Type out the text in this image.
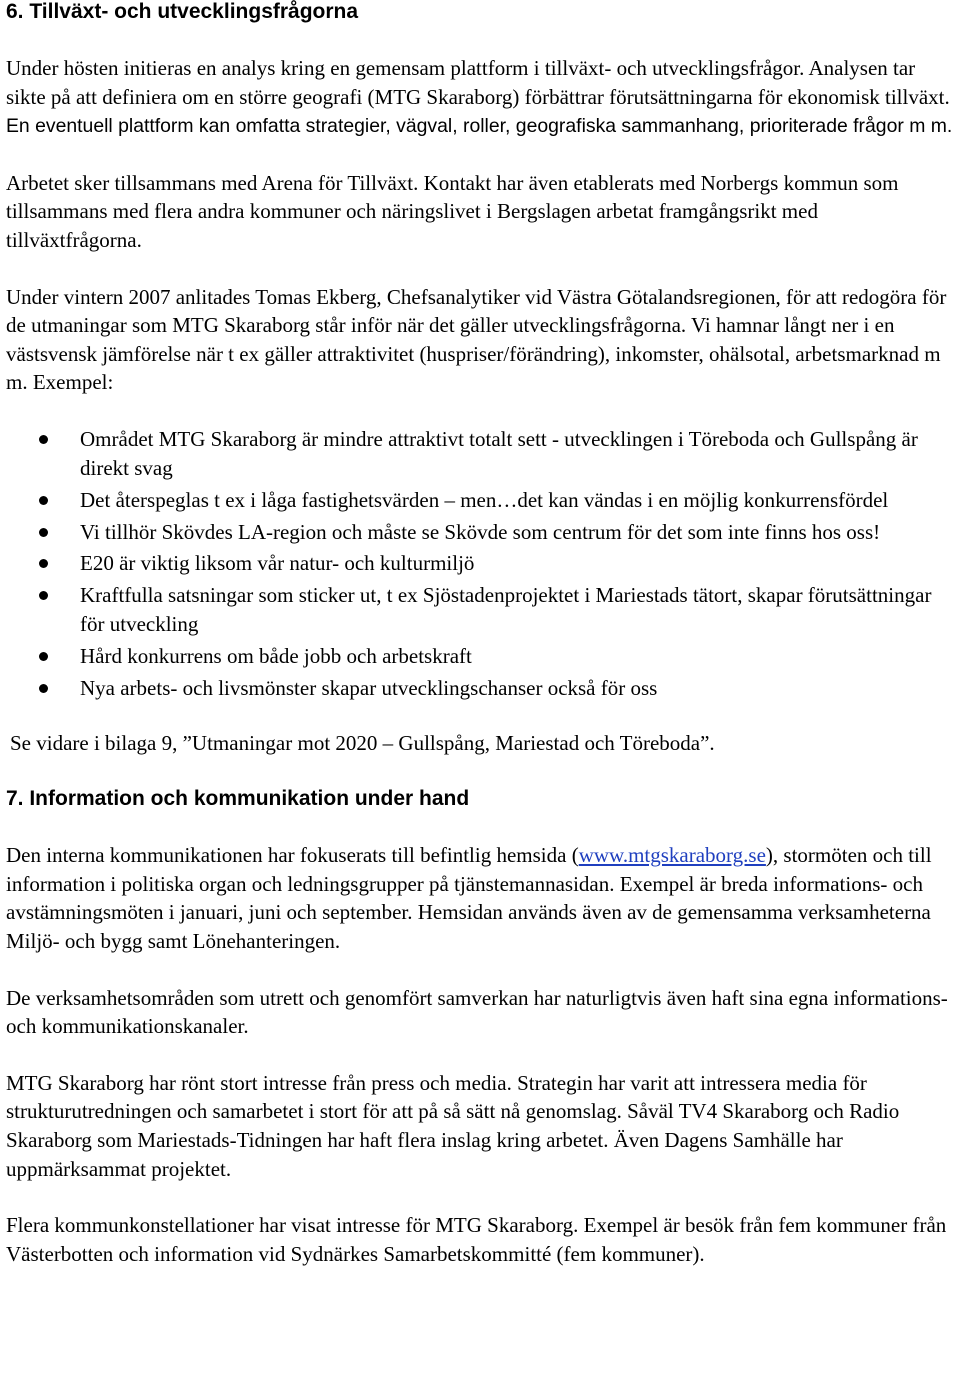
6. Tillväxt- och utvecklingsfrågorna

Under hösten initieras en analys kring en gemensam plattform i tillväxt- och utvecklingsfrågor. Analysen tar sikte på att definiera om en större geografi (MTG Skaraborg) förbättrar förutsättningarna för ekonomisk tillväxt. En eventuell plattform kan omfatta strategier, vägval, roller, geografiska sammanhang, prioriterade frågor m m.

Arbetet sker tillsammans med Arena för Tillväxt. Kontakt har även etablerats med Norbergs kommun som tillsammans med flera andra kommuner och näringslivet i Bergslagen arbetat framgångsrikt med tillväxtfrågorna.

Under vintern 2007 anlitades Tomas Ekberg, Chefsanalytiker vid Västra Götalandsregionen, för att redogöra för de utmaningar som MTG Skaraborg står inför när det gäller utvecklingsfrågorna. Vi hamnar långt ner i en västsvensk jämförelse när t ex gäller attraktivitet (huspriser/förändring), inkomster, ohälsotal, arbetsmarknad m m. Exempel:

Området MTG Skaraborg är mindre attraktivt totalt sett - utvecklingen i Töreboda och Gullspång är direkt svag
Det återspeglas t ex i låga fastighetsvärden – men…det kan vändas i en möjlig konkurrensfördel
Vi tillhör Skövdes LA-region och måste se Skövde som centrum för det som inte finns hos oss!
E20 är viktig liksom vår natur- och kulturmiljö
Kraftfulla satsningar som sticker ut, t ex Sjöstadenprojektet i Mariestads tätort, skapar förutsättningar för utveckling
Hård konkurrens om både jobb och arbetskraft
Nya arbets- och livsmönster skapar utvecklingschanser också för oss

Se vidare i bilaga 9, ”Utmaningar mot 2020 – Gullspång, Mariestad och Töreboda”.

7. Information och kommunikation under hand

Den interna kommunikationen har fokuserats till befintlig hemsida (www.mtgskaraborg.se), stormöten och till information i politiska organ och ledningsgrupper på tjänstemannasidan. Exempel är breda informations- och avstämningsmöten i januari, juni och september. Hemsidan används även av de gemensamma verksamheterna Miljö- och bygg samt Lönehanteringen.

De verksamhetsområden som utrett och genomfört samverkan har naturligtvis även haft sina egna informations- och kommunikationskanaler.

MTG Skaraborg har rönt stort intresse från press och media. Strategin har varit att intressera media för strukturutredningen och samarbetet i stort för att på så sätt nå genomslag. Såväl TV4 Skaraborg och Radio Skaraborg som Mariestads-Tidningen har haft flera inslag kring arbetet. Även Dagens Samhälle har uppmärksammat projektet.

Flera kommunkonstellationer har visat intresse för MTG Skaraborg. Exempel är besök från fem kommuner från Västerbotten och information vid Sydnärkes Samarbetskommitté (fem kommuner).
